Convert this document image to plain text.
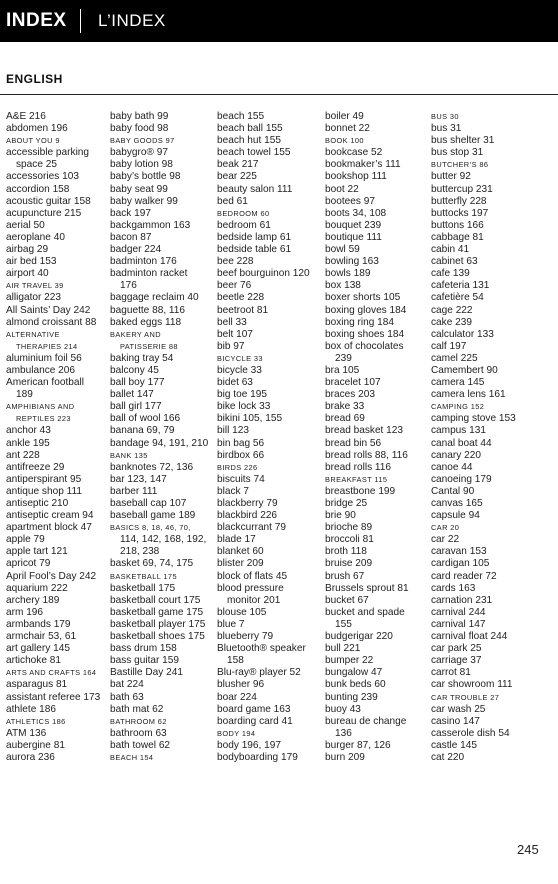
INDEX L’INDEX
ENGLISH
A&E 216
abdomen 196
ABOUT YOU 9
accessible parking
space 25
accessories 103
accordion 158
acoustic guitar 158
acupuncture 215
aerial 50
aeroplane 40
airbag 29
air bed 153
airport 40
AIR TRAVEL 39
alligator 223
All Saints’ Day 242
almond croissant 88
ALTERNATIVE
THERAPIES 214
aluminium foil 56
ambulance 206
American football
189
AMPHIBIANS AND
REPTILES 223
anchor 43
ankle 195
ant 228
antifreeze 29
antiperspirant 95
antique shop 111
antiseptic 210
antiseptic cream 94
apartment block 47
apple 79
apple tart 121
apricot 79
April Fool’s Day 242
aquarium 222
archery 189
arm 196
armbands 179
armchair 53, 61
art gallery 145
artichoke 81
ARTS AND CRAFTS 164
asparagus 81
assistant referee 173
athlete 186
ATHLETICS 186
ATM 136
aubergine 81
aurora 236
baby bath 99
baby food 98
BABY GOODS 97
babygro® 97
baby lotion 98
baby’s bottle 98
baby seat 99
baby walker 99
back 197
backgammon 163
bacon 87
badger 224
badminton 176
badminton racket
176
baggage reclaim 40
baguette 88, 116
baked eggs 118
BAKERY AND
PATISSERIE 88
baking tray 54
balcony 45
ball boy 177
ballet 147
ball girl 177
ball of wool 166
banana 69, 79
bandage 94, 191, 210
BANK 135
banknotes 72, 136
bar 123, 147
barber 111
baseball cap 107
baseball game 189
BASICS 8, 18, 46, 70,
114, 142, 168, 192,
218, 238
basket 69, 74, 175
BASKETBALL 175
basketball 175
basketball court 175
basketball game 175
basketball player 175
basketball shoes 175
bass drum 158
bass guitar 159
Bastille Day 241
bat 224
bath 63
bath mat 62
BATHROOM 62
bathroom 63
bath towel 62
BEACH 154
beach 155
beach ball 155
beach hut 155
beach towel 155
beak 217
bear 225
beauty salon 111
bed 61
BEDROOM 60
bedroom 61
bedside lamp 61
bedside table 61
bee 228
beef bourguinon 120
beer 76
beetle 228
beetroot 81
bell 33
belt 107
bib 97
BICYCLE 33
bicycle 33
bidet 63
big toe 195
bike lock 33
bikini 105, 155
bill 123
bin bag 56
birdbox 66
BIRDS 226
biscuits 74
black 7
blackberry 79
blackbird 226
blackcurrant 79
blade 17
blanket 60
blister 209
block of flats 45
blood pressure
monitor 201
blouse 105
blue 7
blueberry 79
Bluetooth® speaker
158
Blu-ray® player 52
blusher 96
boar 224
board game 163
boarding card 41
BODY 194
body 196, 197
bodyboarding 179
boiler 49
bonnet 22
BOOK 100
bookcase 52
bookmaker’s 111
bookshop 111
boot 22
bootees 97
boots 34, 108
bouquet 239
boutique 111
bowl 59
bowling 163
bowls 189
box 138
boxer shorts 105
boxing gloves 184
boxing ring 184
boxing shoes 184
box of chocolates
239
bra 105
bracelet 107
braces 203
brake 33
bread 69
bread basket 123
bread bin 56
bread rolls 88, 116
bread rolls 116
BREAKFAST 115
breastbone 199
bridge 25
brie 90
brioche 89
broccoli 81
broth 118
bruise 209
brush 67
Brussels sprout 81
bucket 67
bucket and spade
155
budgerigar 220
bull 221
bumper 22
bungalow 47
bunk beds 60
bunting 239
buoy 43
bureau de change
136
burger 87, 126
burn 209
BUS 30
bus 31
bus shelter 31
bus stop 31
BUTCHER’S 86
butter 92
buttercup 231
butterfly 228
buttocks 197
buttons 166
cabbage 81
cabin 41
cabinet 63
cafe 139
cafeteria 131
cafetière 54
cage 222
cake 239
calculator 133
calf 197
camel 225
Camembert 90
camera 145
camera lens 161
CAMPING 152
camping stove 153
campus 131
canal boat 44
canary 220
canoe 44
canoeing 179
Cantal 90
canvas 165
capsule 94
CAR 20
car 22
caravan 153
cardigan 105
card reader 72
cards 163
carnation 231
carnival 244
carnival 147
carnival float 244
car park 25
carriage 37
carrot 81
car showroom 111
CAR TROUBLE 27
car wash 25
casino 147
casserole dish 54
castle 145
cat 220
245
